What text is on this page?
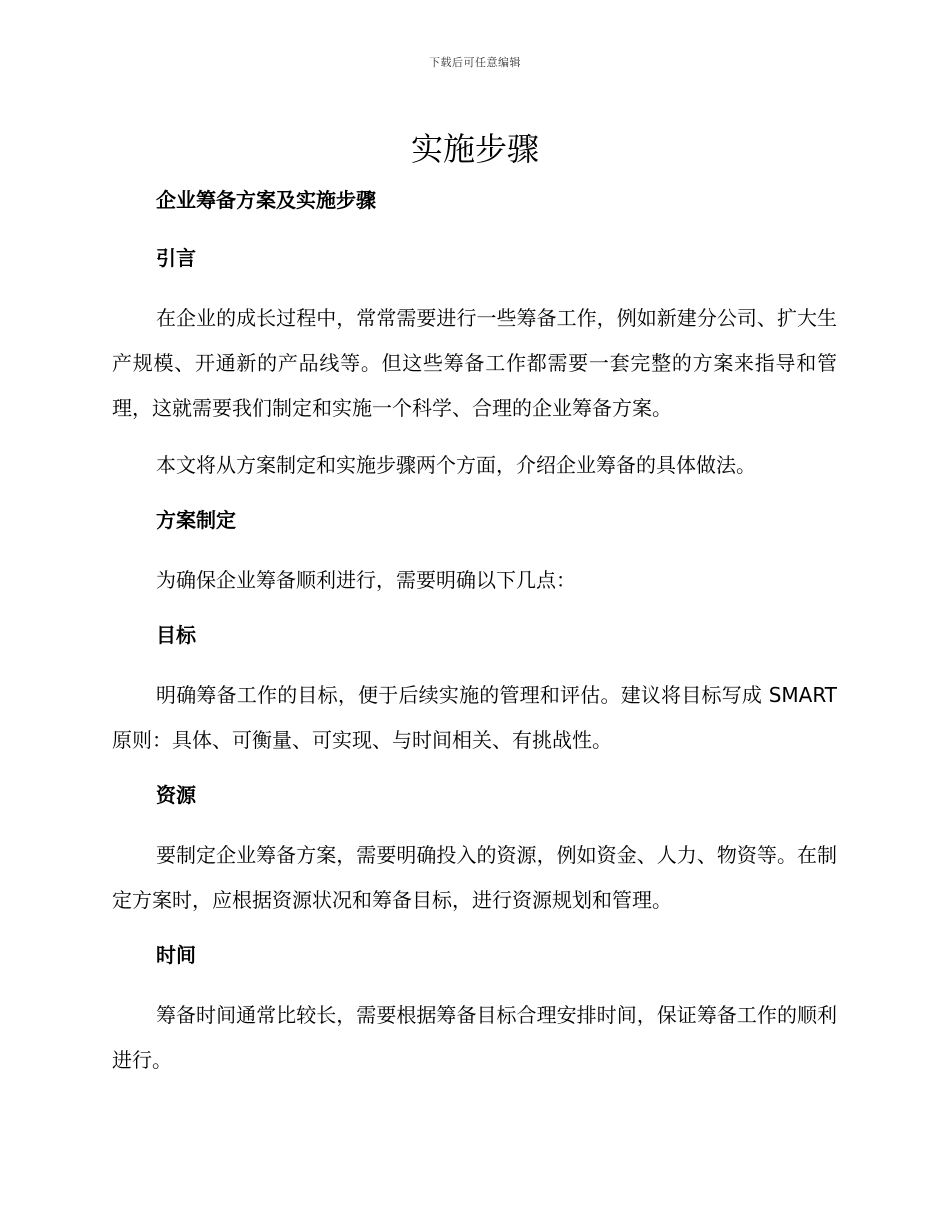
下载后可任意编辑
实施步骤
企业筹备方案及实施步骤
引言

在企业的成长过程中，常常需要进行一些筹备工作，例如新建分公司、扩大生产规模、开通新的产品线等。但这些筹备工作都需要一套完整的方案来指导和管理，这就需要我们制定和实施一个科学、合理的企业筹备方案。

本文将从方案制定和实施步骤两个方面，介绍企业筹备的具体做法。

方案制定

为确保企业筹备顺利进行，需要明确以下几点：

目标

明确筹备工作的目标，便于后续实施的管理和评估。建议将目标写成 SMART 原则：具体、可衡量、可实现、与时间相关、有挑战性。

资源

要制定企业筹备方案，需要明确投入的资源，例如资金、人力、物资等。在制定方案时，应根据资源状况和筹备目标，进行资源规划和管理。

时间

筹备时间通常比较长，需要根据筹备目标合理安排时间，保证筹备工作的顺利进行。
